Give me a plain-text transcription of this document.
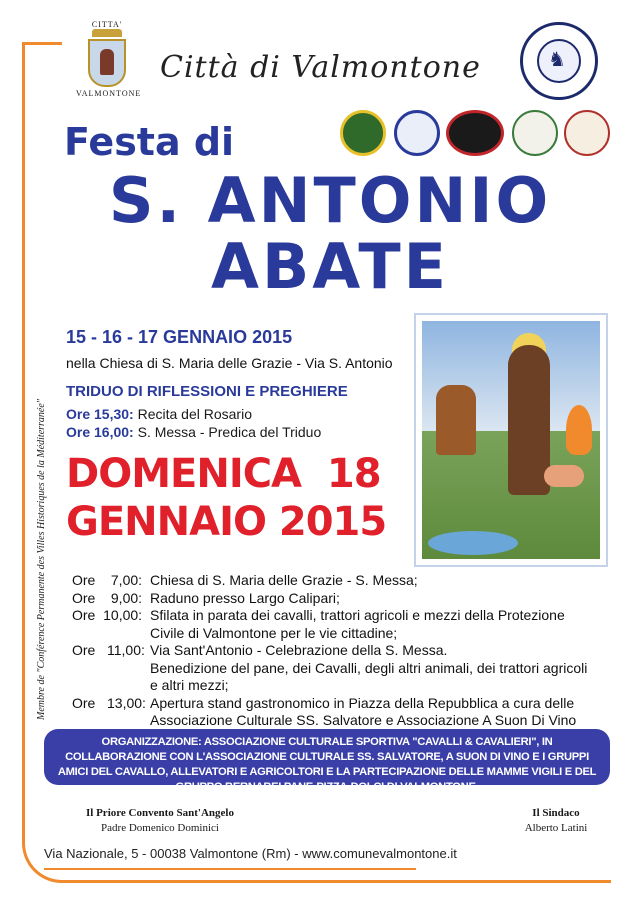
Membre de "Conférence Permanente des Villes Historiques de la Méditerranée"
CITTA'
VALMONTONE
Città di Valmontone	♞
Festa di
S. ANTONIO
ABATE
15 - 16 - 17 GENNAIO 2015
nella Chiesa di S. Maria delle Grazie - Via S. Antonio
TRIDUO DI RIFLESSIONI E PREGHIERE
Ore 15,30: Recita del Rosario
Ore 16,00: S. Messa - Predica del Triduo
DOMENICA  18
GENNAIO 2015
Ore    7,00: Chiesa di S. Maria delle Grazie - S. Messa;
Ore    9,00: Raduno presso Largo Calipari;
Ore  10,00: Sfilata in parata dei cavalli, trattori agricoli e mezzi della Protezione
Civile di Valmontone per le vie cittadine;
Ore   11,00: Via Sant'Antonio - Celebrazione della S. Messa.
Benedizione del pane, dei Cavalli, degli altri animali, dei trattori agricoli
e altri mezzi;
Ore   13,00: Apertura stand gastronomico in Piazza della Repubblica a cura delle
Associazione Culturale SS. Salvatore e Associazione A Suon Di Vino
ORGANIZZAZIONE: ASSOCIAZIONE CULTURALE SPORTIVA "CAVALLI & CAVALIERI", IN COLLABORAZIONE CON L'ASSOCIAZIONE CULTURALE SS. SALVATORE, A SUON DI VINO E I GRUPPI AMICI DEL CAVALLO, ALLEVATORI E AGRICOLTORI E LA PARTECIPAZIONE DELLE MAMME VIGILI E DEL GRUPPO BERNABEI PANE-PIZZA-DOLCI DI VALMONTONE.
Il Priore Convento Sant'Angelo
Padre Domenico Dominici
Il Sindaco
Alberto Latini
Via Nazionale, 5 - 00038 Valmontone (Rm) - www.comunevalmontone.it
